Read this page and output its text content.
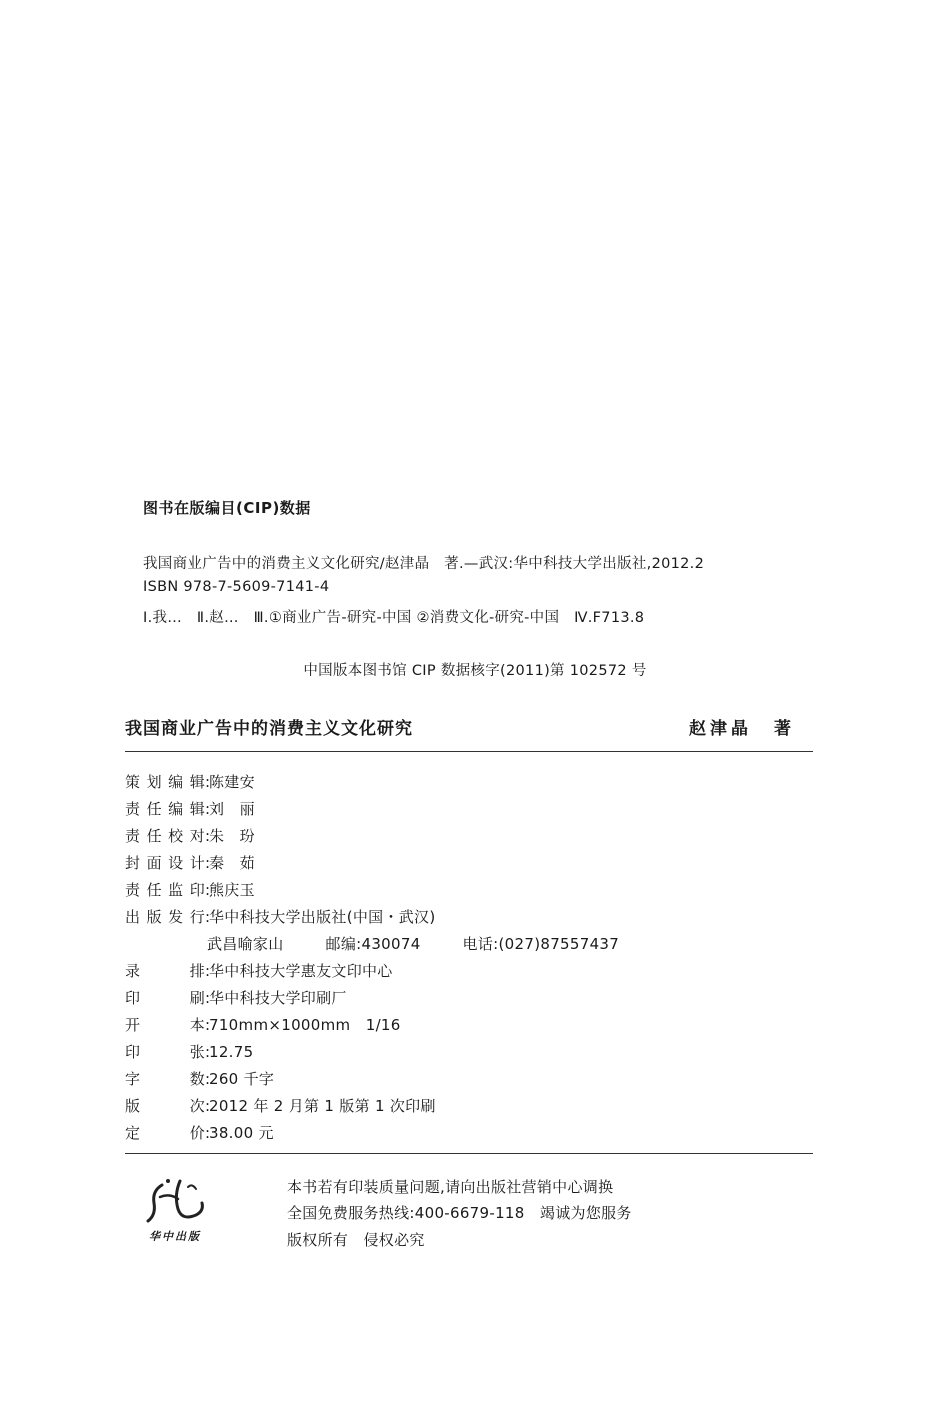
图书在版编目(CIP)数据
我国商业广告中的消费主义文化研究/赵津晶　著.—武汉:华中科技大学出版社,2012.2
ISBN 978-7-5609-7141-4
Ⅰ.我…　Ⅱ.赵…　Ⅲ.①商业广告-研究-中国 ②消费文化-研究-中国　Ⅳ.F713.8
中国版本图书馆 CIP 数据核字(2011)第 102572 号
我国商业广告中的消费主义文化研究	赵津晶 著
策 划 编 辑 :
陈建安
责 任 编 辑 :
刘　丽
责 任 校 对 :
朱　玢
封 面 设 计 :
秦　茹
责 任 监 印 :
熊庆玉
出 版 发 行 :
华中科技大学出版社(中国・武汉)
武昌喻家山	邮编: 430074	电话: (027)87557437
录	排 :
华中科技大学惠友文印中心
印	刷 :
华中科技大学印刷厂
开	本 :
710mm×1000mm　1/16
印	张 :
12.75
字	数 :
260 千字
版	次 :
2012 年 2 月第 1 版第 1 次印刷
定	价 :
38.00 元
华中出版
本书若有印装质量问题,请向出版社营销中心调换
全国免费服务热线:400-6679-118　竭诚为您服务
版权所有　侵权必究
